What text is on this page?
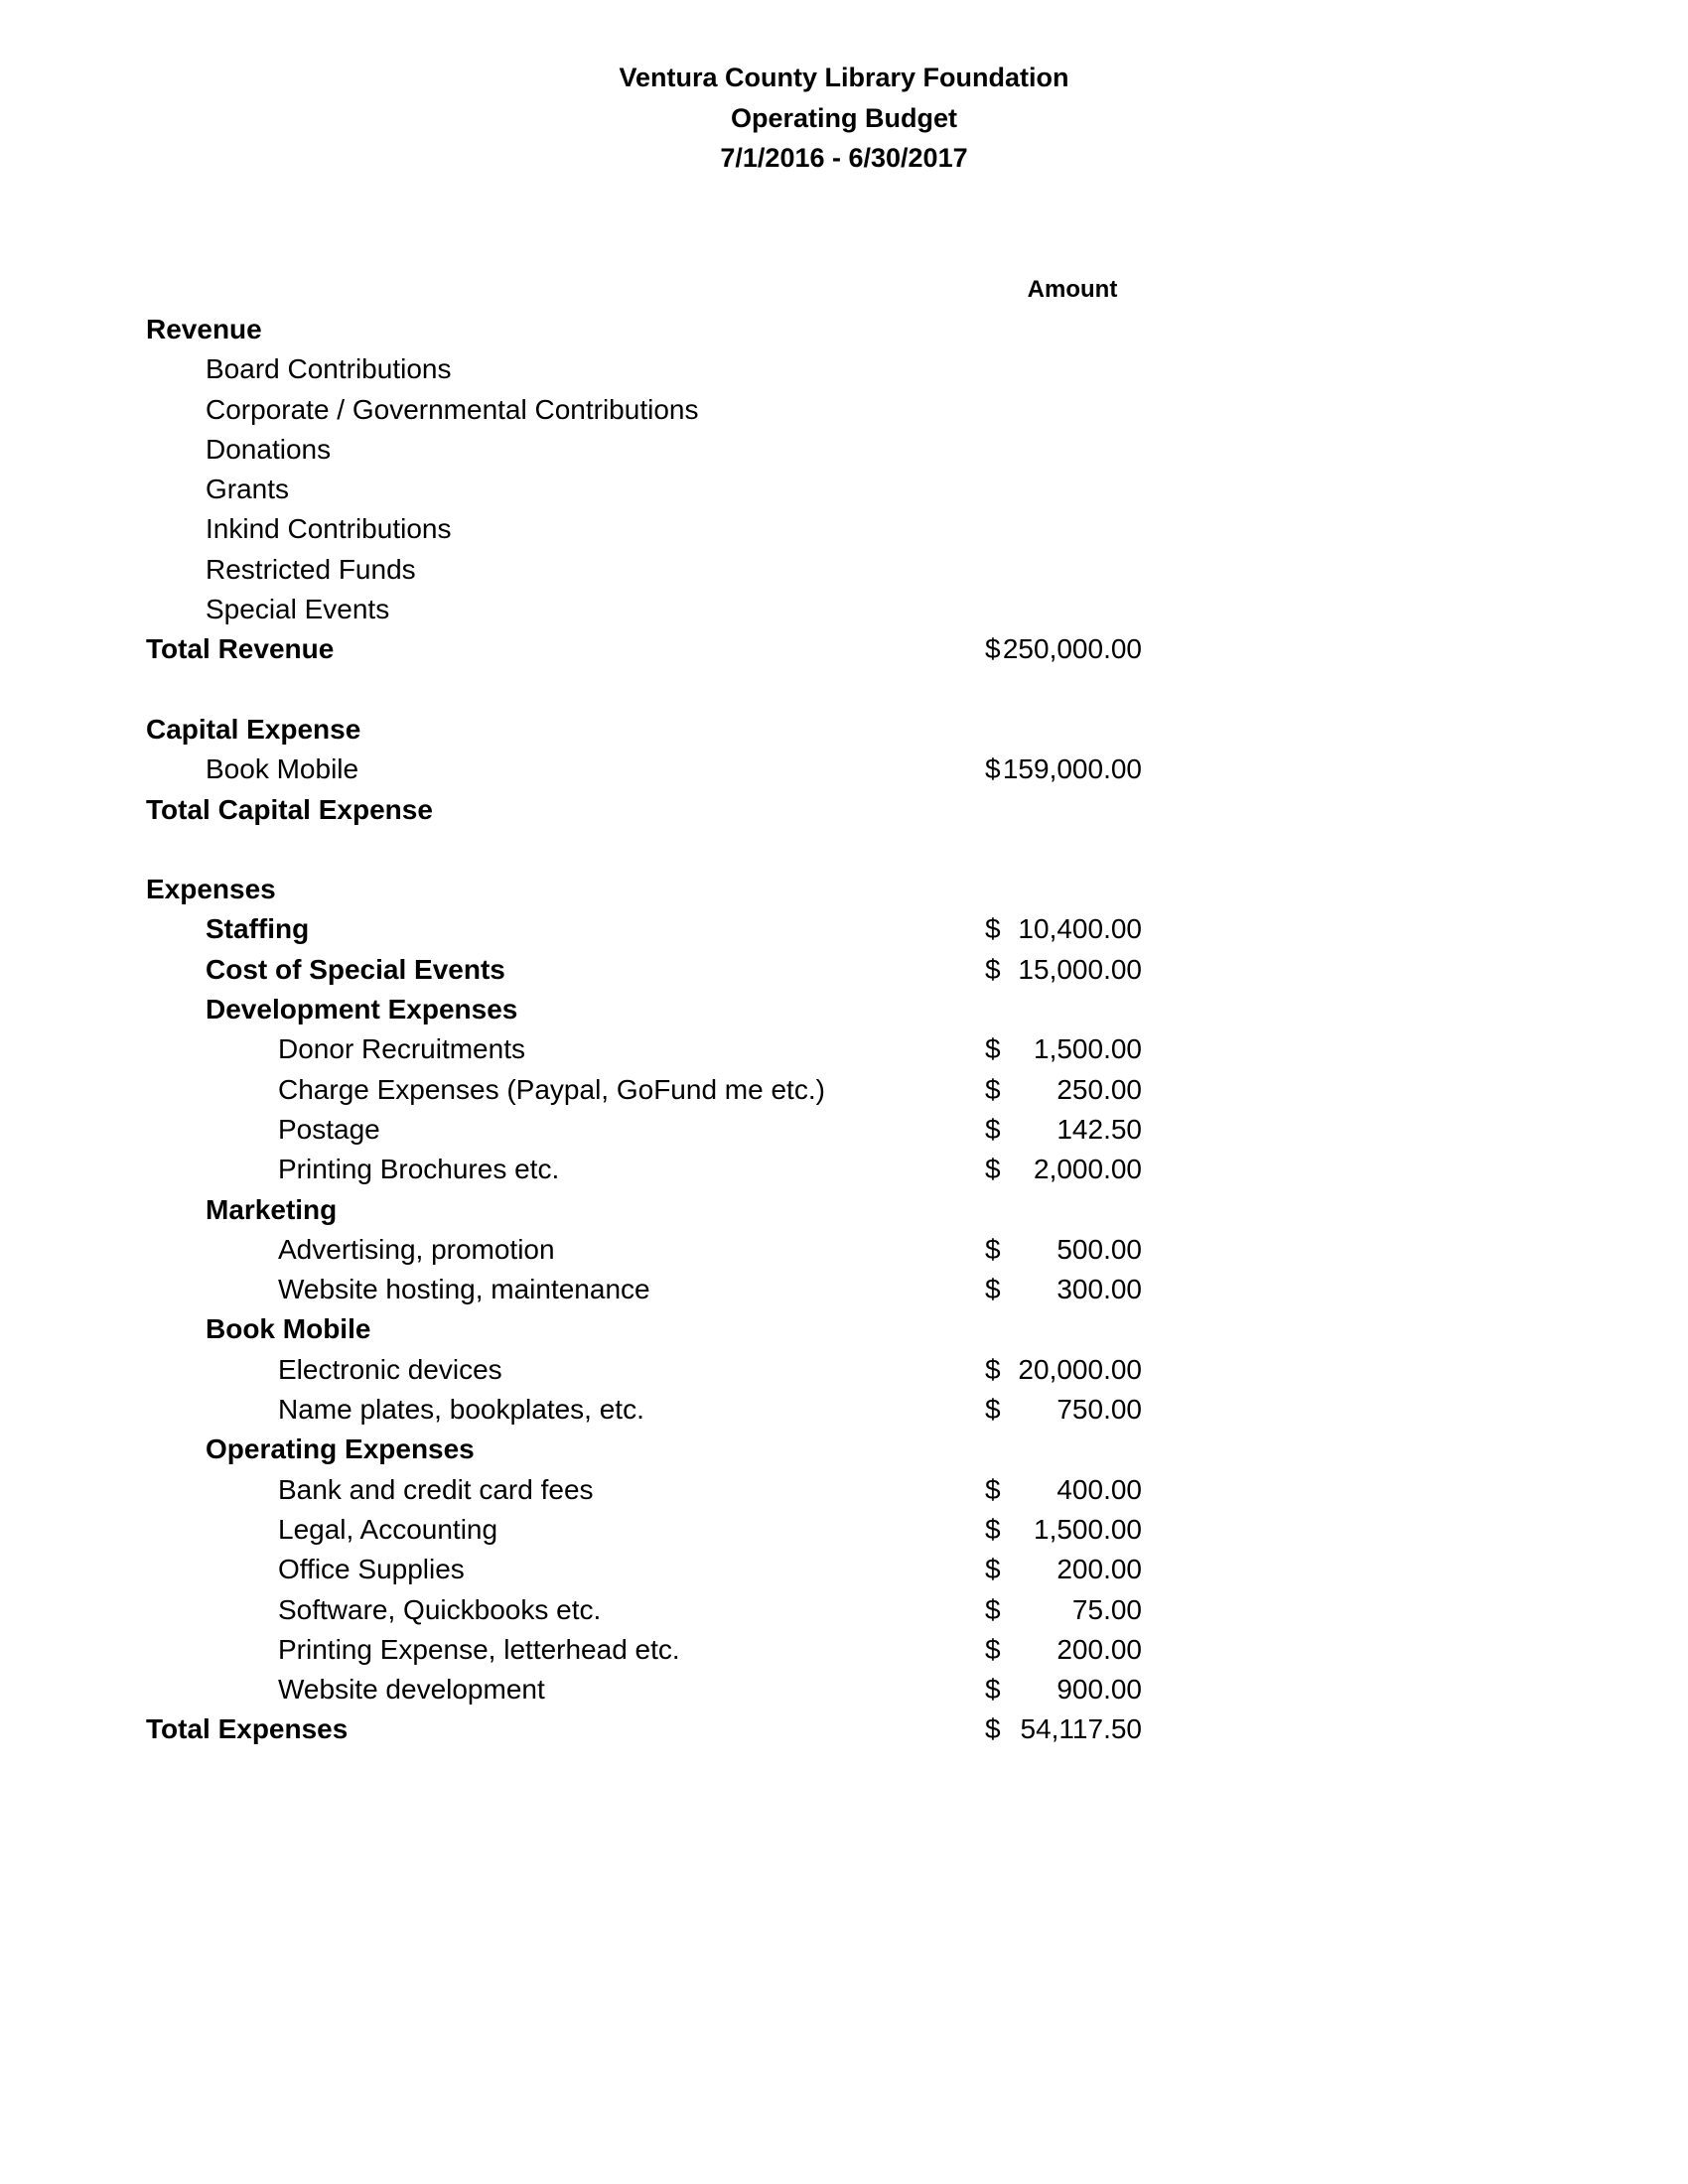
Ventura County Library Foundation
Operating Budget
7/1/2016 - 6/30/2017
Amount
Revenue
Board Contributions
Corporate / Governmental Contributions
Donations
Grants
Inkind Contributions
Restricted Funds
Special Events
Total Revenue	$ 250,000.00
Capital Expense
Book Mobile	$ 159,000.00
Total Capital Expense
Expenses
Staffing	$ 10,400.00
Cost of Special Events	$ 15,000.00
Development Expenses
Donor Recruitments	$ 1,500.00
Charge Expenses (Paypal, GoFund me etc.)	$ 250.00
Postage	$ 142.50
Printing Brochures etc.	$ 2,000.00
Marketing
Advertising, promotion	$ 500.00
Website hosting, maintenance	$ 300.00
Book Mobile
Electronic devices	$ 20,000.00
Name plates, bookplates, etc.	$ 750.00
Operating Expenses
Bank and credit card fees	$ 400.00
Legal, Accounting	$ 1,500.00
Office Supplies	$ 200.00
Software, Quickbooks etc.	$	75.00
Printing Expense, letterhead etc.	$ 200.00
Website development	$ 900.00
Total Expenses	$ 54,117.50
